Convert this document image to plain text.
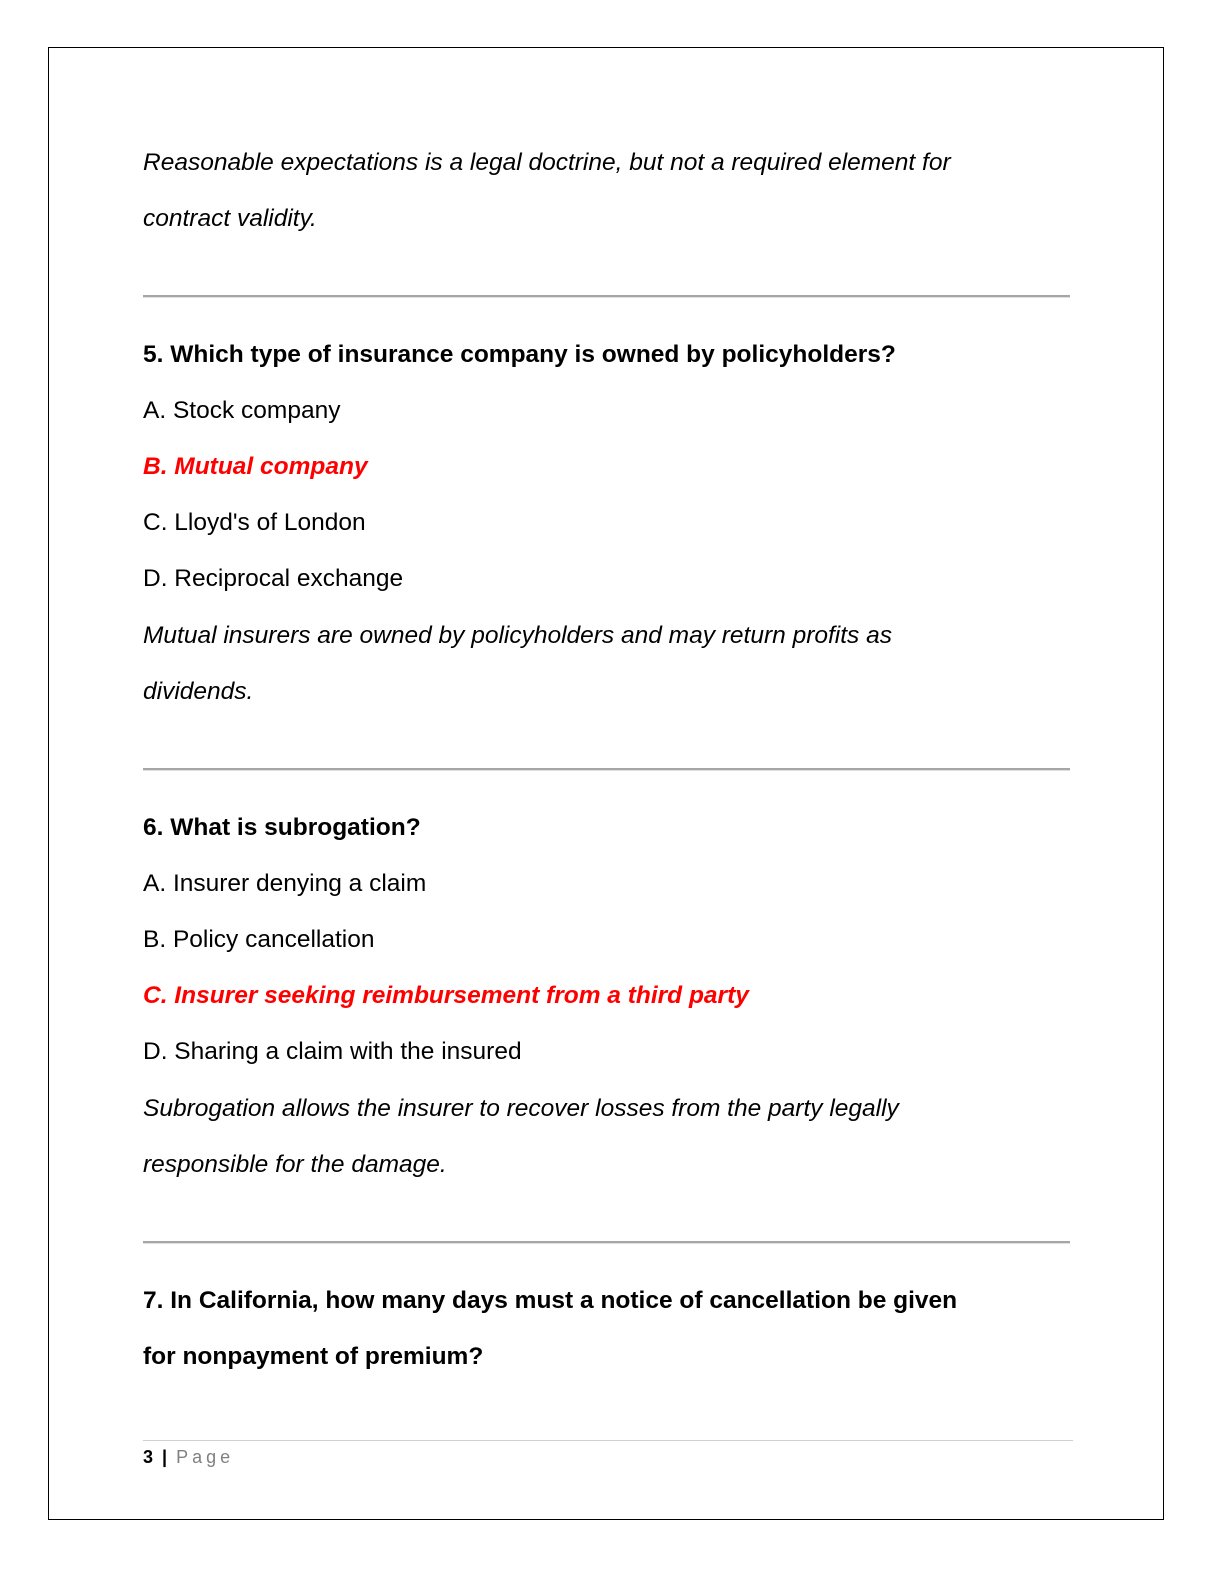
Reasonable expectations is a legal doctrine, but not a required element for

contract validity.

5. Which type of insurance company is owned by policyholders?

A. Stock company

B. Mutual company

C. Lloyd's of London

D. Reciprocal exchange

Mutual insurers are owned by policyholders and may return profits as

dividends.

6. What is subrogation?

A. Insurer denying a claim

B. Policy cancellation

C. Insurer seeking reimbursement from a third party

D. Sharing a claim with the insured

Subrogation allows the insurer to recover losses from the party legally

responsible for the damage.

7. In California, how many days must a notice of cancellation be given

for nonpayment of premium?

3 | Page
